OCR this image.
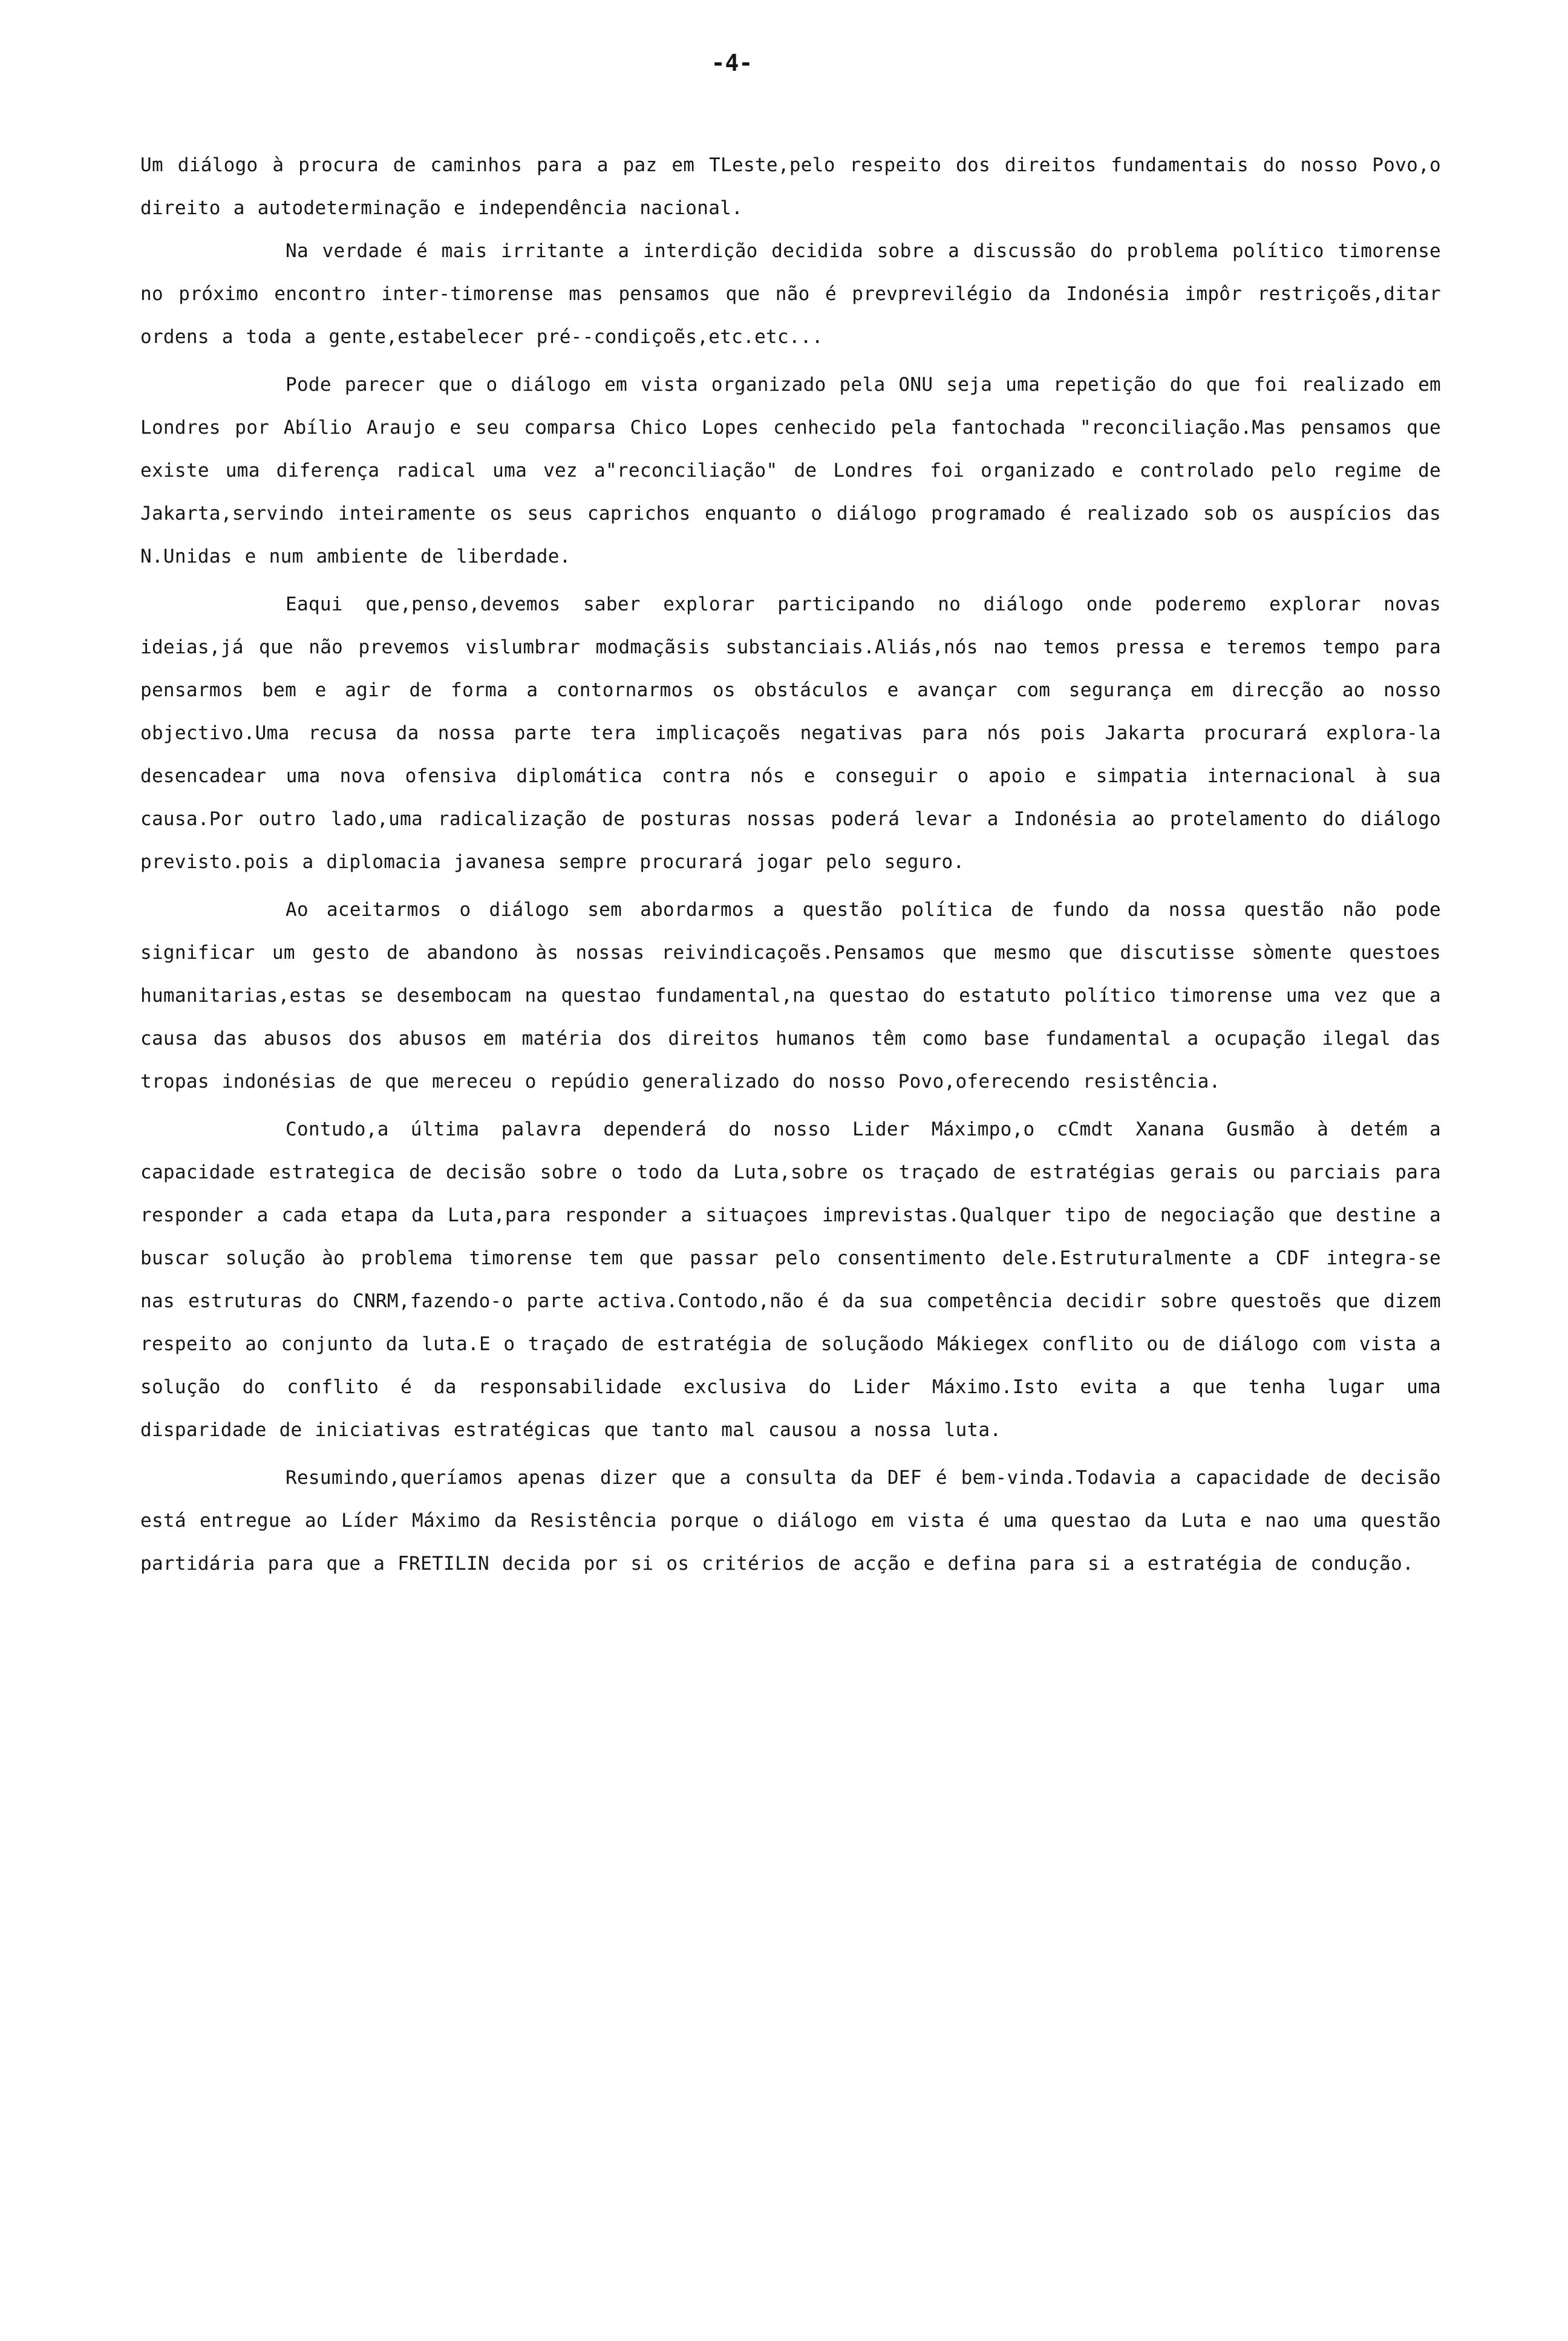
-4-

Um diálogo à procura de caminhos para a paz em TLeste,pelo respeito dos direitos fundamentais do nosso Povo,o direito a autodeterminação e independência nacional.

Na verdade é mais irritante a interdição decidida sobre a discussão do problema político timorense no próximo encontro inter-timorense mas pensamos que não é prevprevilégio da Indonésia impôr restriçoẽs,ditar ordens a toda a gente,estabelecer pré--condiçoẽs,etc.etc...

Pode parecer que o diálogo em vista organizado pela ONU seja uma repetição do que foi realizado em Londres por Abílio Araujo e seu comparsa Chico Lopes cenhecido pela fantochada "reconciliação.Mas pensamos que existe uma diferença radical uma vez a"reconciliação" de Londres foi organizado e controlado pelo regime de Jakarta,servindo inteiramente os seus caprichos enquanto o diálogo programado é realizado sob os auspícios das N.Unidas e num ambiente de liberdade.

Eaqui que,penso,devemos saber explorar participando no diálogo onde poderemo explorar novas ideias,já que não prevemos vislumbrar modmaçãsis substanciais.Aliás,nós nao temos pressa e teremos tempo para pensarmos bem e agir de forma a contornarmos os obstáculos e avançar com segurança em direcção ao nosso objectivo.Uma recusa da nossa parte tera implicaçoẽs negativas para nós pois Jakarta procurará explora-la desencadear uma nova ofensiva diplomática contra nós e conseguir o apoio e simpatia internacional à sua causa.Por outro lado,uma radicalização de posturas nossas poderá levar a Indonésia ao protelamento do diálogo previsto.pois a diplomacia javanesa sempre procurará jogar pelo seguro.

Ao aceitarmos o diálogo sem abordarmos a questão política de fundo da nossa questão não pode significar um gesto de abandono às nossas reivindicaçoẽs.Pensamos que mesmo que discutisse sòmente questoes humanitarias,estas se desembocam na questao fundamental,na questao do estatuto político timorense uma vez que a causa das abusos dos abusos em matéria dos direitos humanos têm como base fundamental a ocupação ilegal das tropas indonésias de que mereceu o repúdio generalizado do nosso Povo,oferecendo resistência.

Contudo,a última palavra dependerá do nosso Lider Máximpo,o cCmdt Xanana Gusmão à detém a capacidade estrategica de decisão sobre o todo da Luta,sobre os traçado de estratégias gerais ou parciais para responder a cada etapa da Luta,para responder a situaçoes imprevistas.Qualquer tipo de negociação que destine a buscar solução ào problema timorense tem que passar pelo consentimento dele.Estruturalmente a CDF integra-se nas estruturas do CNRM,fazendo-o parte activa.Contodo,não é da sua competência decidir sobre questoẽs que dizem respeito ao conjunto da luta.E o traçado de estratégia de soluçãodo Mákiegex conflito ou de diálogo com vista a solução do conflito é da responsabilidade exclusiva do Lider Máximo.Isto evita a que tenha lugar uma disparidade de iniciativas estratégicas que tanto mal causou a nossa luta.

Resumindo,queríamos apenas dizer que a consulta da DEF é bem-vinda.Todavia a capacidade de decisão está entregue ao Líder Máximo da Resistência porque o diálogo em vista é uma questao da Luta e nao uma questão partidária para que a FRETILIN decida por si os critérios de acção e defina para si a estratégia de condução.
